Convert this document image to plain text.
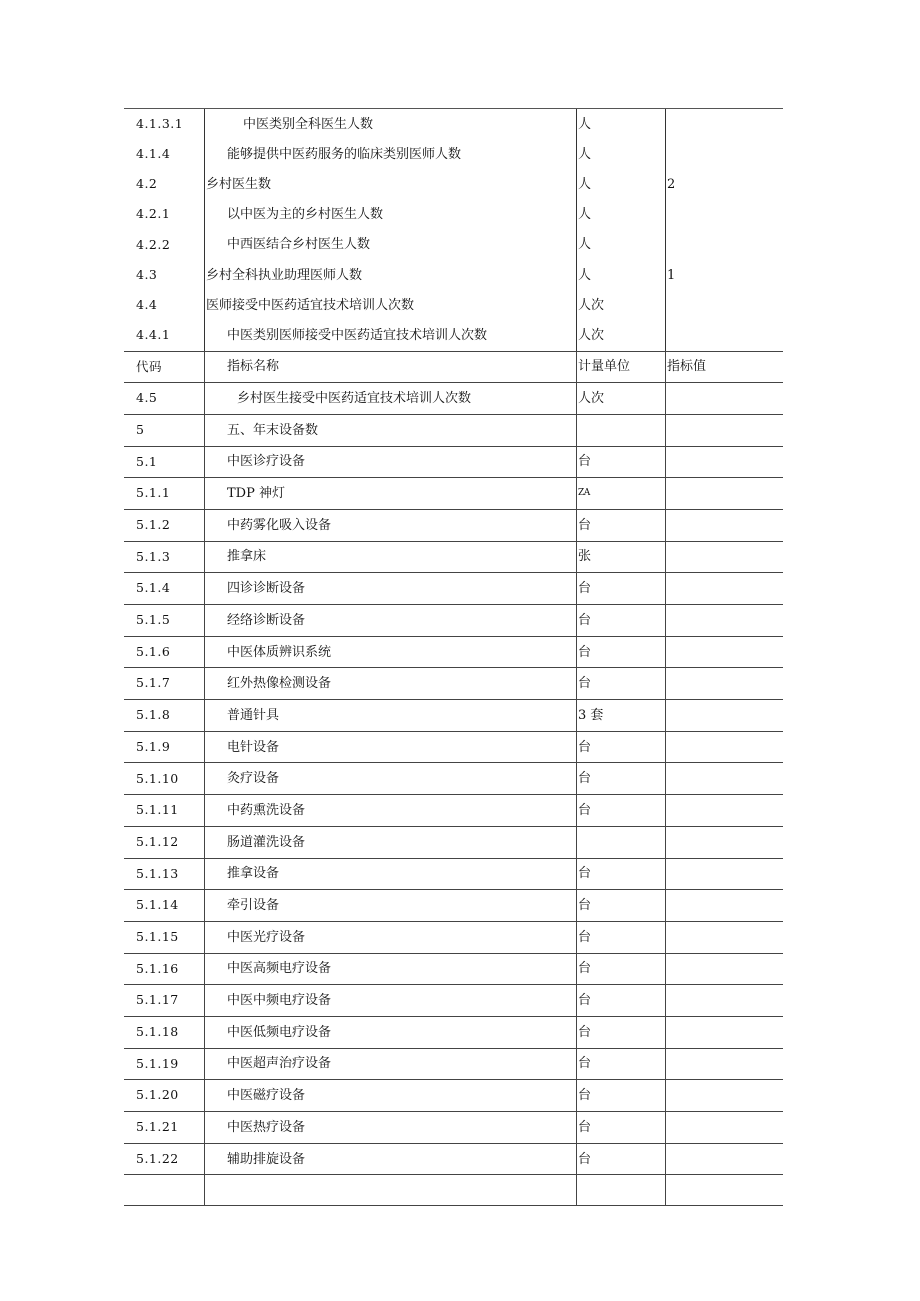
4.1.3.1	中医类别全科医生人数	人
4.1.4	能够提供中医药服务的临床类别医师人数	人
4.2	乡村医生数	人	2
4.2.1	以中医为主的乡村医生人数	人
4.2.2	中西医结合乡村医生人数	人
4.3	乡村全科执业助理医师人数	人	1
4.4	医师接受中医药适宜技术培训人次数	人次
4.4.1	中医类别医师接受中医药适宜技术培训人次数	人次
代码	指标名称	计量单位	指标值
4.5	乡村医生接受中医药适宜技术培训人次数	人次
5	五、年末设备数
5.1	中医诊疗设备	台
5.1.1	TDP 神灯	ZA
5.1.2	中药雾化吸入设备	台
5.1.3	推拿床	张
5.1.4	四诊诊断设备	台
5.1.5	经络诊断设备	台
5.1.6	中医体质辨识系统	台
5.1.7	红外热像检测设备	台
5.1.8	普通针具	3 套
5.1.9	电针设备	台
5.1.10	灸疗设备	台
5.1.11	中药熏洗设备	台
5.1.12	肠道灌洗设备
5.1.13	推拿设备	台
5.1.14	牵引设备	台
5.1.15	中医光疗设备	台
5.1.16	中医高频电疗设备	台
5.1.17	中医中频电疗设备	台
5.1.18	中医低频电疗设备	台
5.1.19	中医超声治疗设备	台
5.1.20	中医磁疗设备	台
5.1.21	中医热疗设备	台
5.1.22	辅助排旋设备	台
